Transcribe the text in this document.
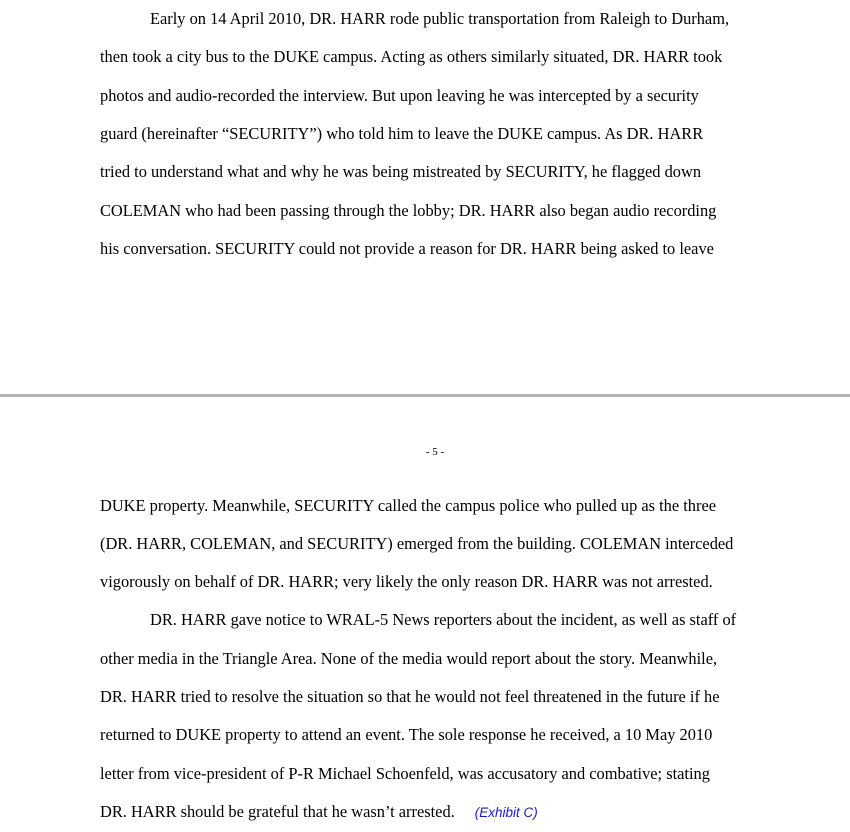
Early on 14 April 2010, DR. HARR rode public transportation from Raleigh to Durham,
then took a city bus to the DUKE campus. Acting as others similarly situated, DR. HARR took
photos and audio-recorded the interview. But upon leaving he was intercepted by a security
guard (hereinafter “SECURITY”) who told him to leave the DUKE campus. As DR. HARR
tried to understand what and why he was being mistreated by SECURITY, he flagged down
COLEMAN who had been passing through the lobby; DR. HARR also began audio recording
his conversation. SECURITY could not provide a reason for DR. HARR being asked to leave
- 5 -
DUKE property. Meanwhile, SECURITY called the campus police who pulled up as the three
(DR. HARR, COLEMAN, and SECURITY) emerged from the building. COLEMAN interceded
vigorously on behalf of DR. HARR; very likely the only reason DR. HARR was not arrested.
DR. HARR gave notice to WRAL-5 News reporters about the incident, as well as staff of
other media in the Triangle Area. None of the media would report about the story. Meanwhile,
DR. HARR tried to resolve the situation so that he would not feel threatened in the future if he
returned to DUKE property to attend an event. The sole response he received, a 10 May 2010
letter from vice-president of P-R Michael Schoenfeld, was accusatory and combative; stating
DR. HARR should be grateful that he wasn’t arrested. (Exhibit C)
